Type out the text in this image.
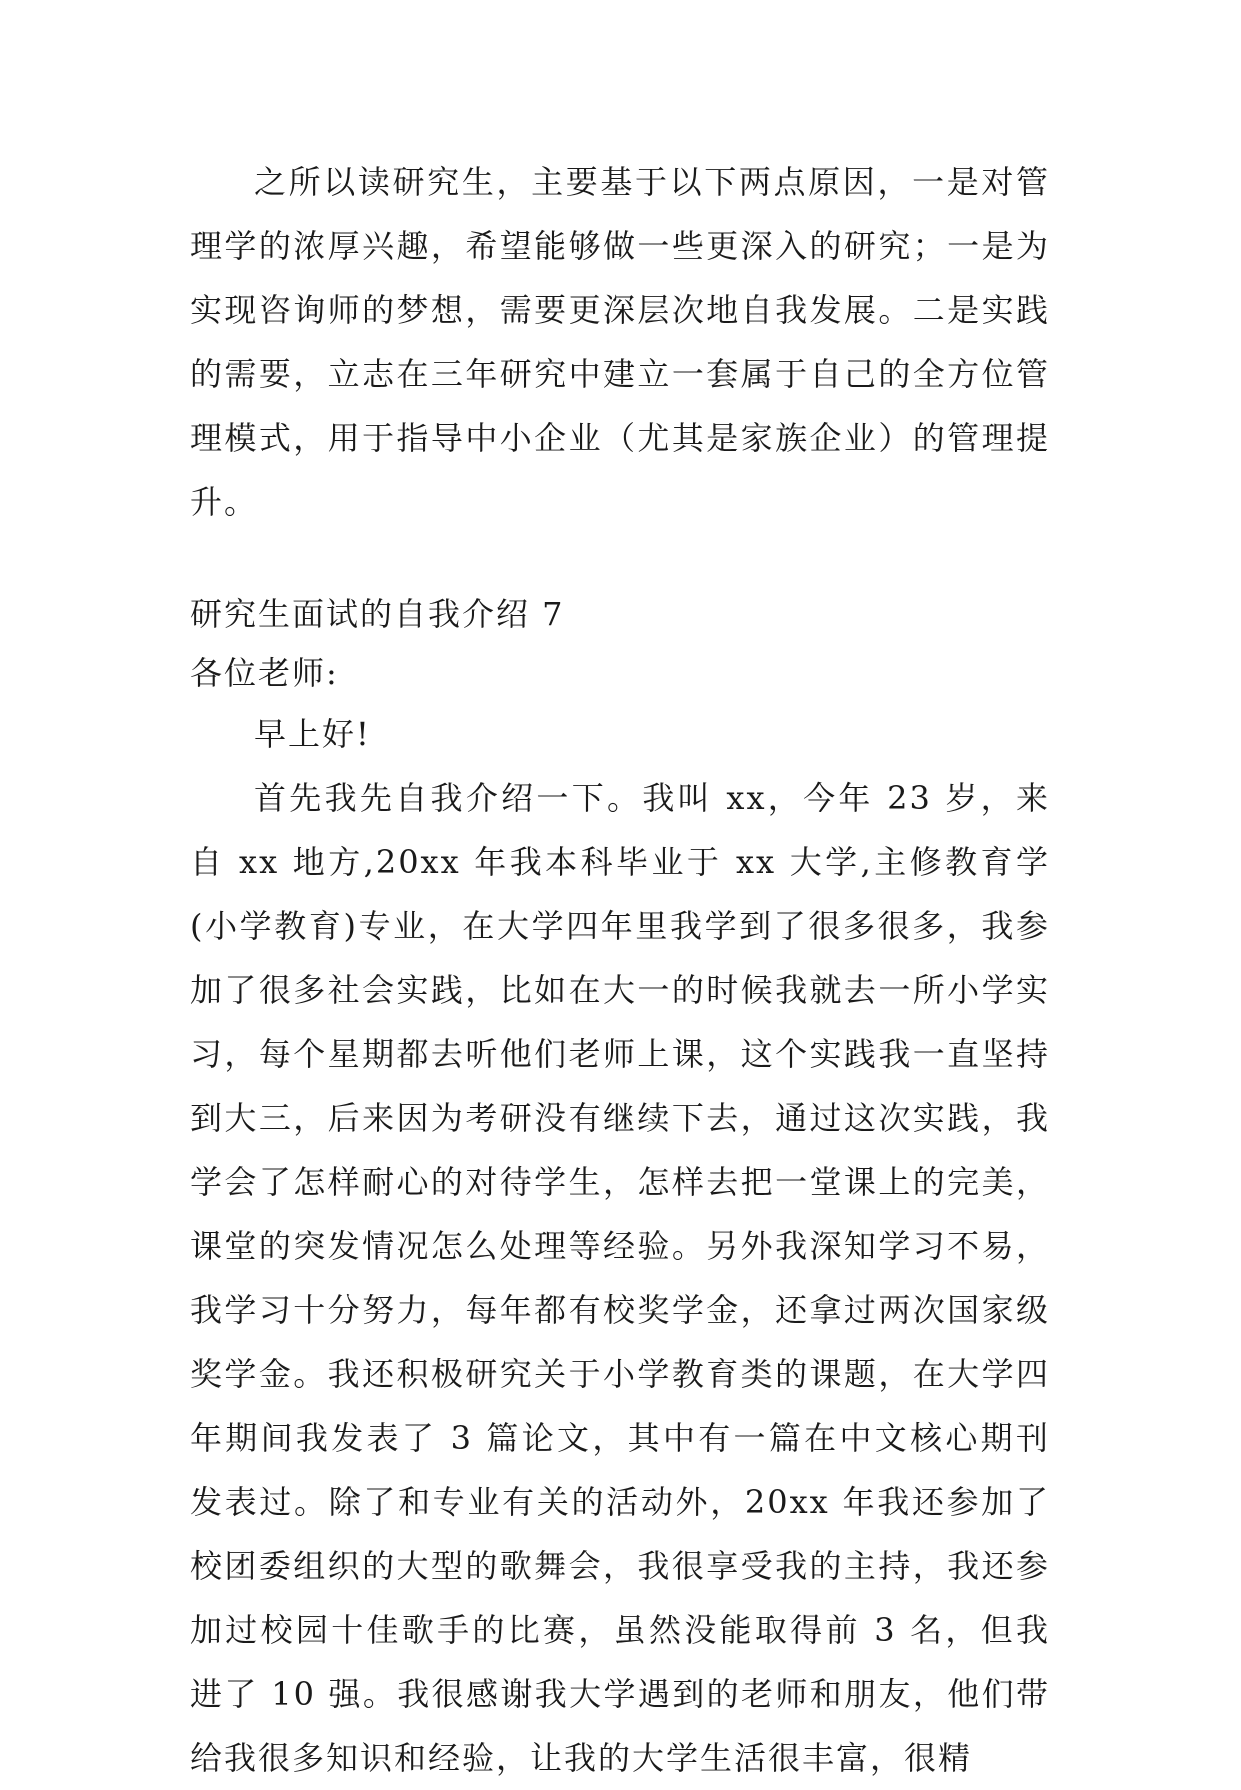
之所以读研究生，主要基于以下两点原因，一是对管理学的浓厚兴趣，希望能够做一些更深入的研究；一是为实现咨询师的梦想，需要更深层次地自我发展。二是实践的需要，立志在三年研究中建立一套属于自己的全方位管理模式，用于指导中小企业（尤其是家族企业）的管理提升。

研究生面试的自我介绍 7

各位老师:

早上好!

首先我先自我介绍一下。我叫 xx，今年 23 岁，来自 xx 地方,20xx 年我本科毕业于 xx 大学,主修教育学(小学教育)专业，在大学四年里我学到了很多很多，我参加了很多社会实践，比如在大一的时候我就去一所小学实习，每个星期都去听他们老师上课，这个实践我一直坚持到大三，后来因为考研没有继续下去，通过这次实践，我学会了怎样耐心的对待学生，怎样去把一堂课上的完美，课堂的突发情况怎么处理等经验。另外我深知学习不易，我学习十分努力，每年都有校奖学金，还拿过两次国家级奖学金。我还积极研究关于小学教育类的课题，在大学四年期间我发表了 3 篇论文，其中有一篇在中文核心期刊发表过。除了和专业有关的活动外，20xx 年我还参加了校团委组织的大型的歌舞会，我很享受我的主持，我还参加过校园十佳歌手的比赛，虽然没能取得前 3 名，但我进了 10 强。我很感谢我大学遇到的老师和朋友，他们带给我很多知识和经验，让我的大学生活很丰富，很精
